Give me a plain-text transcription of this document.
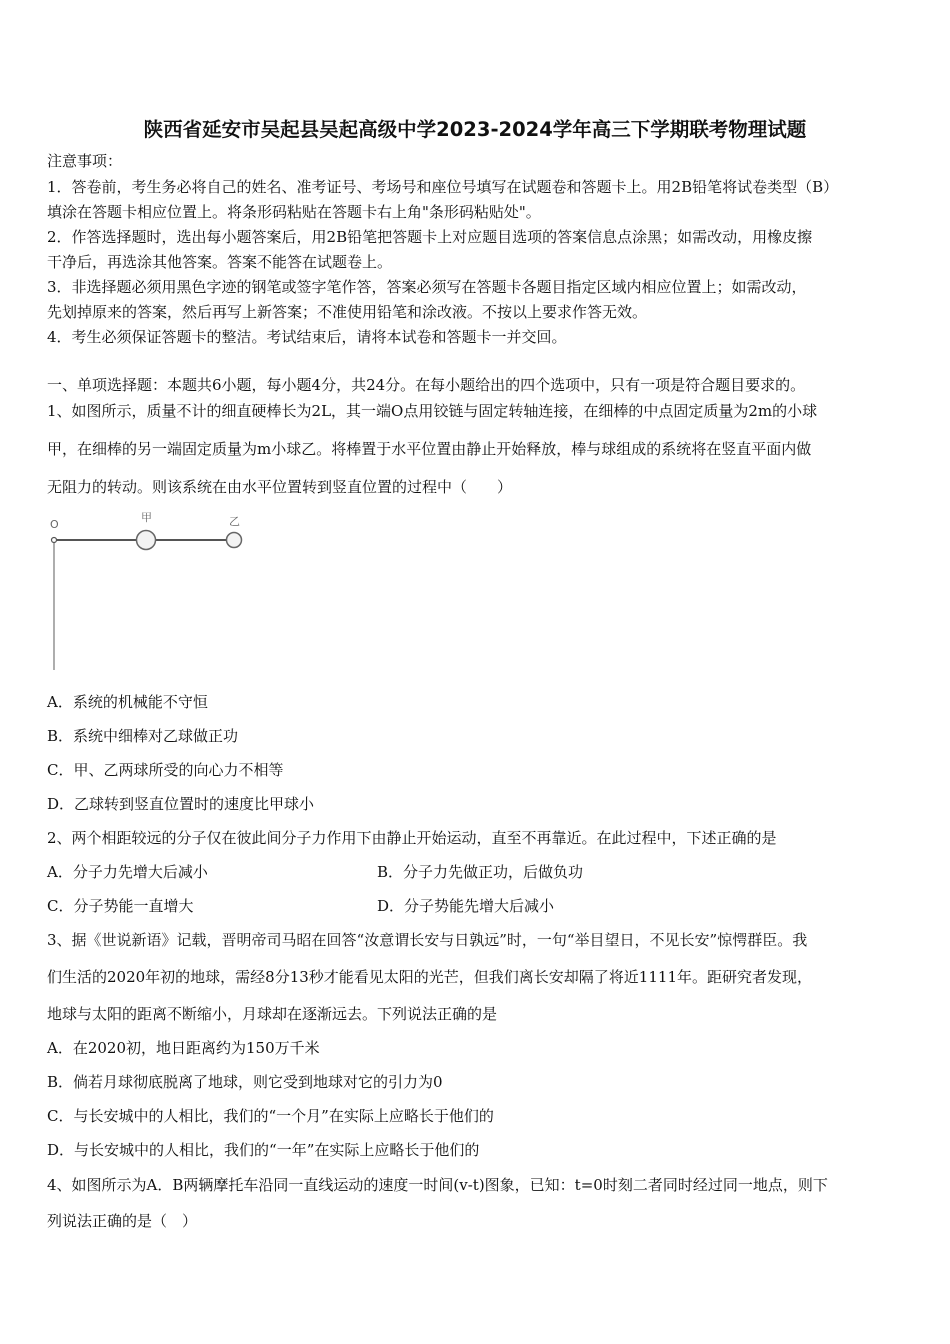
陕西省延安市吴起县吴起高级中学2023-2024学年高三下学期联考物理试题
注意事项：
1．答卷前，考生务必将自己的姓名、准考证号、考场号和座位号填写在试题卷和答题卡上。用2B铅笔将试卷类型（B）
填涂在答题卡相应位置上。将条形码粘贴在答题卡右上角"条形码粘贴处"。
2．作答选择题时，选出每小题答案后，用2B铅笔把答题卡上对应题目选项的答案信息点涂黑；如需改动，用橡皮擦
干净后，再选涂其他答案。答案不能答在试题卷上。
3．非选择题必须用黑色字迹的钢笔或签字笔作答，答案必须写在答题卡各题目指定区域内相应位置上；如需改动，
先划掉原来的答案，然后再写上新答案；不准使用铅笔和涂改液。不按以上要求作答无效。
4．考生必须保证答题卡的整洁。考试结束后，请将本试卷和答题卡一并交回。
一、单项选择题：本题共6小题，每小题4分，共24分。在每小题给出的四个选项中，只有一项是符合题目要求的。
1、如图所示，质量不计的细直硬棒长为2L，其一端O点用铰链与固定转轴连接，在细棒的中点固定质量为2m的小球
甲，在细棒的另一端固定质量为m小球乙。将棒置于水平位置由静止开始释放，棒与球组成的系统将在竖直平面内做
无阻力的转动。则该系统在由水平位置转到竖直位置的过程中（　　）
O
甲	乙
A．系统的机械能不守恒
B．系统中细棒对乙球做正功
C．甲、乙两球所受的向心力不相等
D．乙球转到竖直位置时的速度比甲球小
2、两个相距较远的分子仅在彼此间分子力作用下由静止开始运动，直至不再靠近。在此过程中，下述正确的是
A．分子力先增大后减小	B．分子力先做正功，后做负功
C．分子势能一直增大	D．分子势能先增大后减小
3、据《世说新语》记载，晋明帝司马昭在回答“汝意谓长安与日孰远”时，一句“举目望日，不见长安”惊愕群臣。我
们生活的2020年初的地球，需经8分13秒才能看见太阳的光芒，但我们离长安却隔了将近1111年。距研究者发现，
地球与太阳的距离不断缩小，月球却在逐渐远去。下列说法正确的是
A．在2020初，地日距离约为150万千米
B．倘若月球彻底脱离了地球，则它受到地球对它的引力为0
C．与长安城中的人相比，我们的“一个月”在实际上应略长于他们的
D．与长安城中的人相比，我们的“一年”在实际上应略长于他们的
4、如图所示为A．B两辆摩托车沿同一直线运动的速度一时间(v-t)图象，已知：t=0时刻二者同时经过同一地点，则下
列说法正确的是（　）
